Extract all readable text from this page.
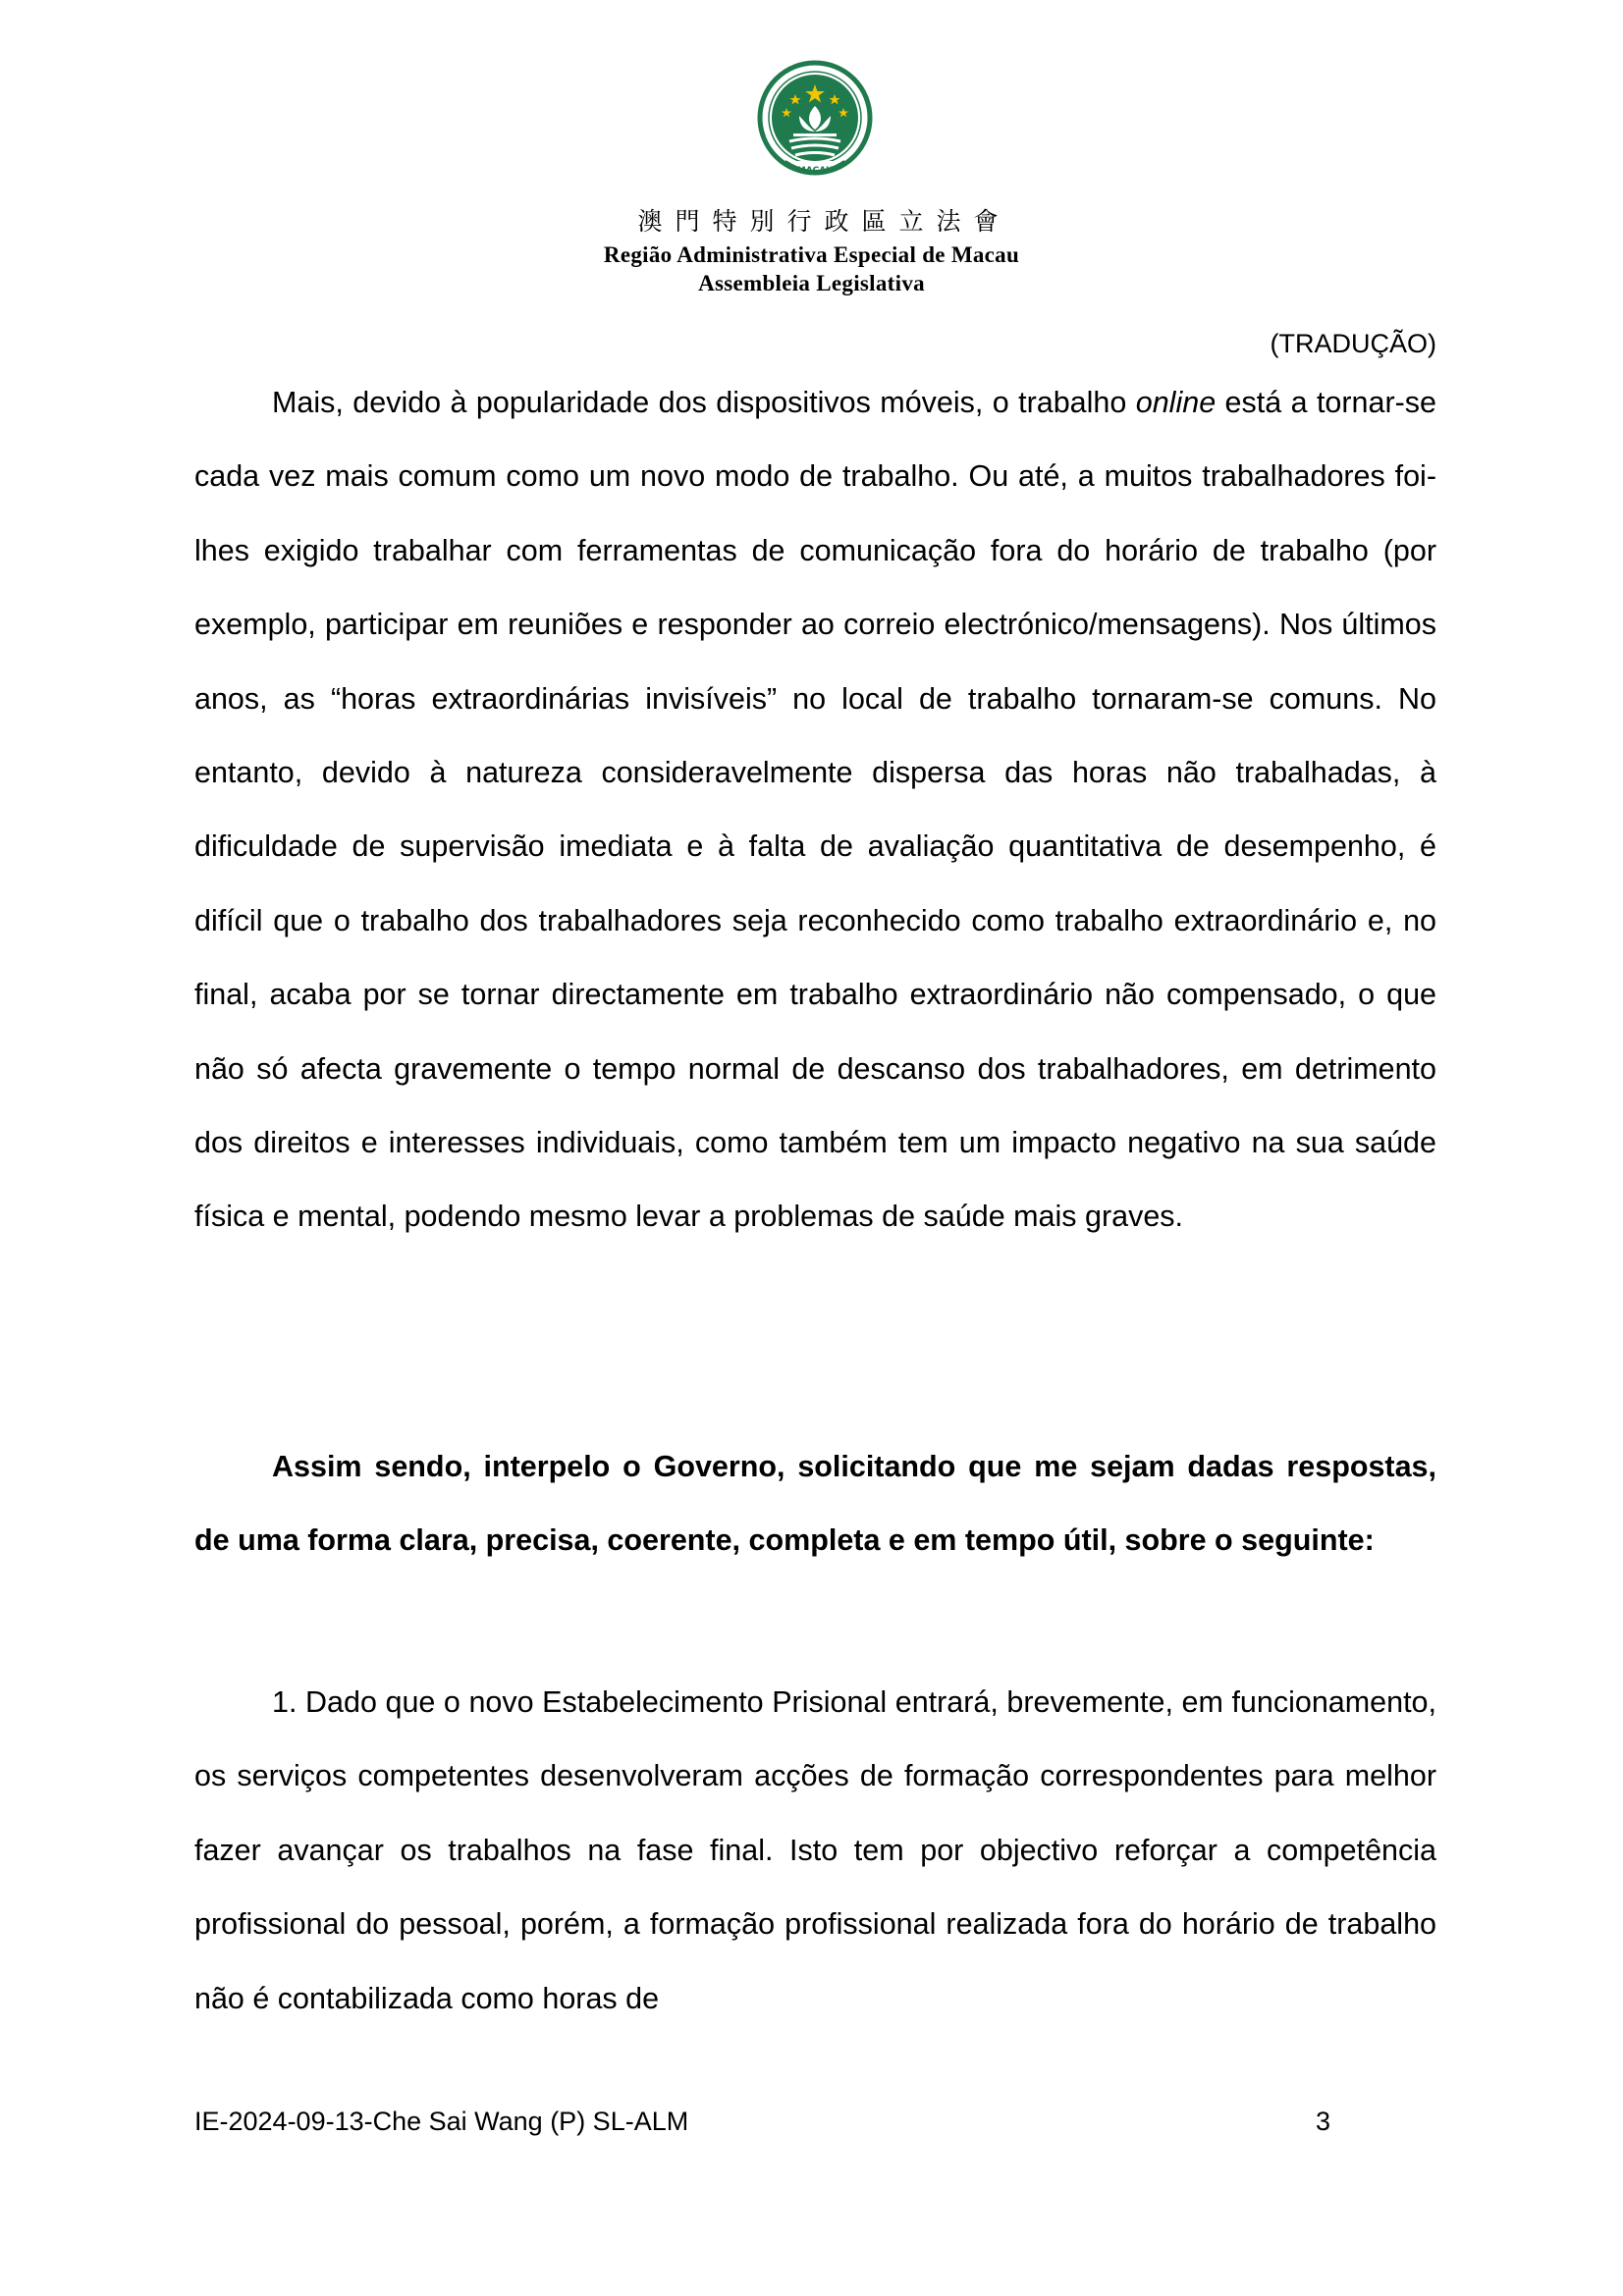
MACAU
澳門特別行政區立法會
Região Administrativa Especial de Macau
Assembleia Legislativa
(TRADUÇÃO)
Mais, devido à popularidade dos dispositivos móveis, o trabalho online está a tornar-se cada vez mais comum como um novo modo de trabalho. Ou até, a muitos trabalhadores foi-lhes exigido trabalhar com ferramentas de comunicação fora do horário de trabalho (por exemplo, participar em reuniões e responder ao correio electrónico/mensagens). Nos últimos anos, as “horas extraordinárias invisíveis” no local de trabalho tornaram-se comuns. No entanto, devido à natureza consideravelmente dispersa das horas não trabalhadas, à dificuldade de supervisão imediata e à falta de avaliação quantitativa de desempenho, é difícil que o trabalho dos trabalhadores seja reconhecido como trabalho extraordinário e, no final, acaba por se tornar directamente em trabalho extraordinário não compensado, o que não só afecta gravemente o tempo normal de descanso dos trabalhadores, em detrimento dos direitos e interesses individuais, como também tem um impacto negativo na sua saúde física e mental, podendo mesmo levar a problemas de saúde mais graves.
Assim sendo, interpelo o Governo, solicitando que me sejam dadas respostas, de uma forma clara, precisa, coerente, completa e em tempo útil, sobre o seguinte:
1. Dado que o novo Estabelecimento Prisional entrará, brevemente, em funcionamento, os serviços competentes desenvolveram acções de formação correspondentes para melhor fazer avançar os trabalhos na fase final. Isto tem por objectivo reforçar a competência profissional do pessoal, porém, a formação profissional realizada fora do horário de trabalho não é contabilizada como horas de
IE-2024-09-13-Che Sai Wang (P) SL-ALM	3
